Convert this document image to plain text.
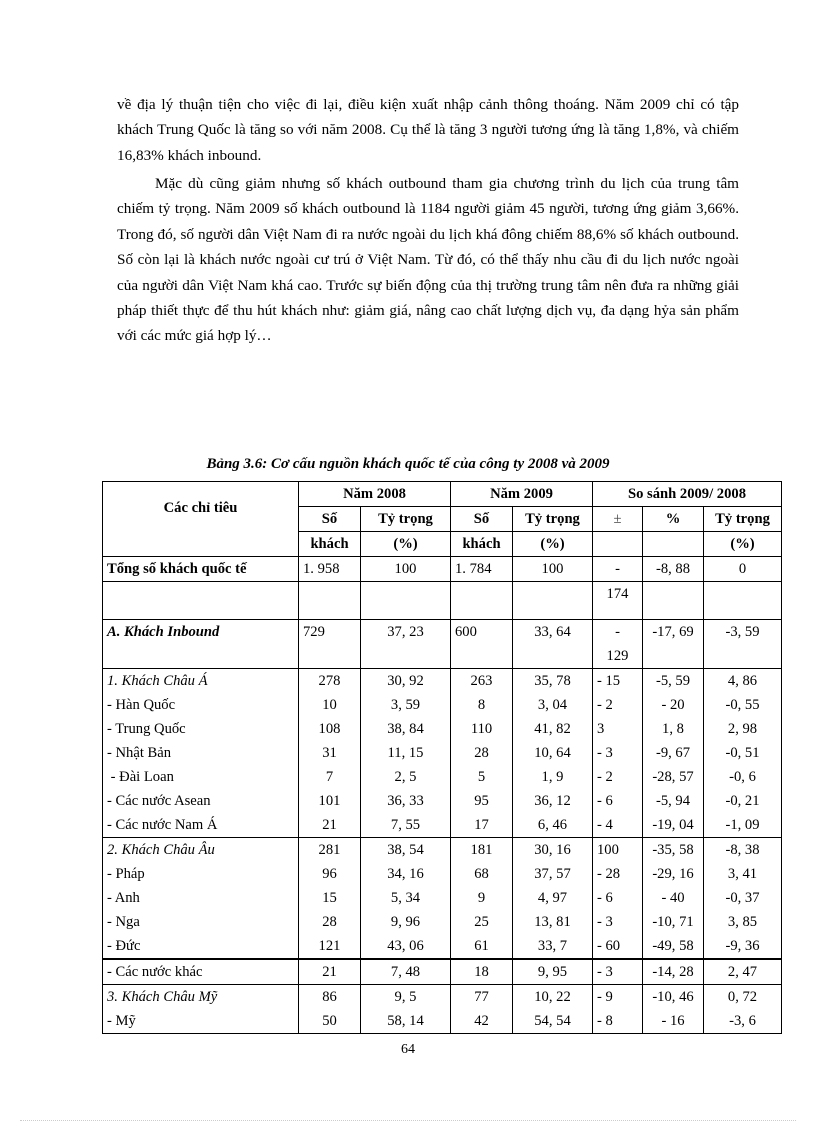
về địa lý thuận tiện cho việc đi lại, điều kiện xuất nhập cảnh thông thoáng. Năm 2009 chỉ có tập khách Trung Quốc là tăng so với năm 2008. Cụ thể là tăng 3 người tương ứng là tăng 1,8%, và chiếm 16,83% khách inbound.

Mặc dù cũng giảm nhưng số khách outbound tham gia chương trình du lịch của trung tâm chiếm tỷ trọng. Năm 2009 số khách outbound là 1184 người giảm 45 người, tương ứng giảm 3,66%. Trong đó, số người dân Việt Nam đi ra nước ngoài du lịch khá đông chiếm 88,6% số khách outbound. Số còn lại là khách nước ngoài cư trú ở Việt Nam. Từ đó, có thể thấy nhu cầu đi du lịch nước ngoài của người dân Việt Nam khá cao. Trước sự biến động của thị trường trung tâm nên đưa ra những giải pháp thiết thực để thu hút khách như: giảm giá, nâng cao chất lượng dịch vụ, đa dạng hỷa sản phẩm với các mức giá hợp lý…

Bảng 3.6: Cơ cấu nguồn khách quốc tế của công ty 2008 và 2009
Các chỉ tiêu	Năm 2008		Năm 2009		So sánh 2009/ 2008		
	Số	Tỷ trọng	Số	Tỷ trọng	±	%	Tỷ trọng
	khách	(%)	khách	(%)			(%)
Tổng số khách quốc tế	1. 958	100	1. 784	100	-	-8, 88	0
					174		
A. Khách Inbound	729	37, 23	600	33, 64	-	-17, 69	-3, 59
					129		
1. Khách Châu Á	278	30, 92	263	35, 78	- 15	-5, 59	4, 86
- Hàn Quốc	10	3, 59	8	3, 04	- 2	- 20	-0, 55
- Trung Quốc	108	38, 84	110	41, 82	3	1, 8	2, 98
- Nhật Bản	31	11, 15	28	10, 64	- 3	-9, 67	-0, 51
- Đài Loan	7	2, 5	5	1, 9	- 2	-28, 57	-0, 6
- Các nước Asean	101	36, 33	95	36, 12	- 6	-5, 94	-0, 21
- Các nước Nam Á	21	7, 55	17	6, 46	- 4	-19, 04	-1, 09
2. Khách Châu Âu	281	38, 54	181	30, 16	100	-35, 58	-8, 38
- Pháp	96	34, 16	68	37, 57	- 28	-29, 16	3, 41
- Anh	15	5, 34	9	4, 97	- 6	- 40	-0, 37
- Nga	28	9, 96	25	13, 81	- 3	-10, 71	3, 85
- Đức	121	43, 06	61	33, 7	- 60	-49, 58	-9, 36
- Các nước khác	21	7, 48	18	9, 95	- 3	-14, 28	2, 47
3. Khách Châu Mỹ	86	9, 5	77	10, 22	- 9	-10, 46	0, 72
- Mỹ	50	58, 14	42	54, 54	- 8	- 16	-3, 6
64
